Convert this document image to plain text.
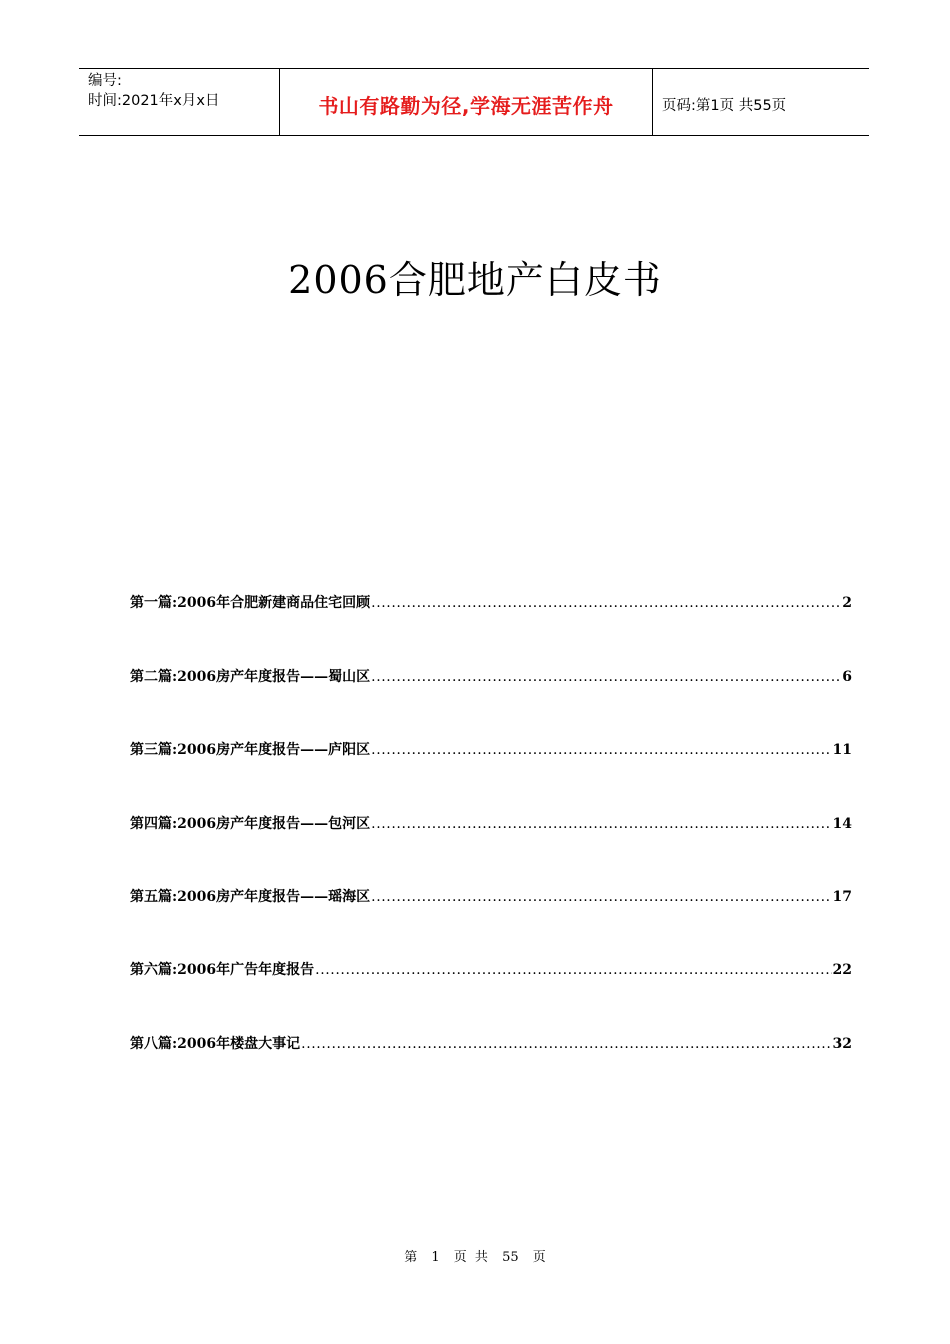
编号:
时间:2021年x月x日	书山有路勤为径,学海无涯苦作舟	页码:第1页 共55页
2006合肥地产白皮书
第一篇:2006年合肥新建商品住宅回顾 .....	2
第二篇:2006房产年度报告——蜀山区 .....	6
第三篇:2006房产年度报告——庐阳区 .....	11
第四篇:2006房产年度报告——包河区 .....	14
第五篇:2006房产年度报告——瑶海区 .....	17
第六篇:2006年广告年度报告 .....	22
第八篇:2006年楼盘大事记 .....	32
第 1 页 共 55 页
